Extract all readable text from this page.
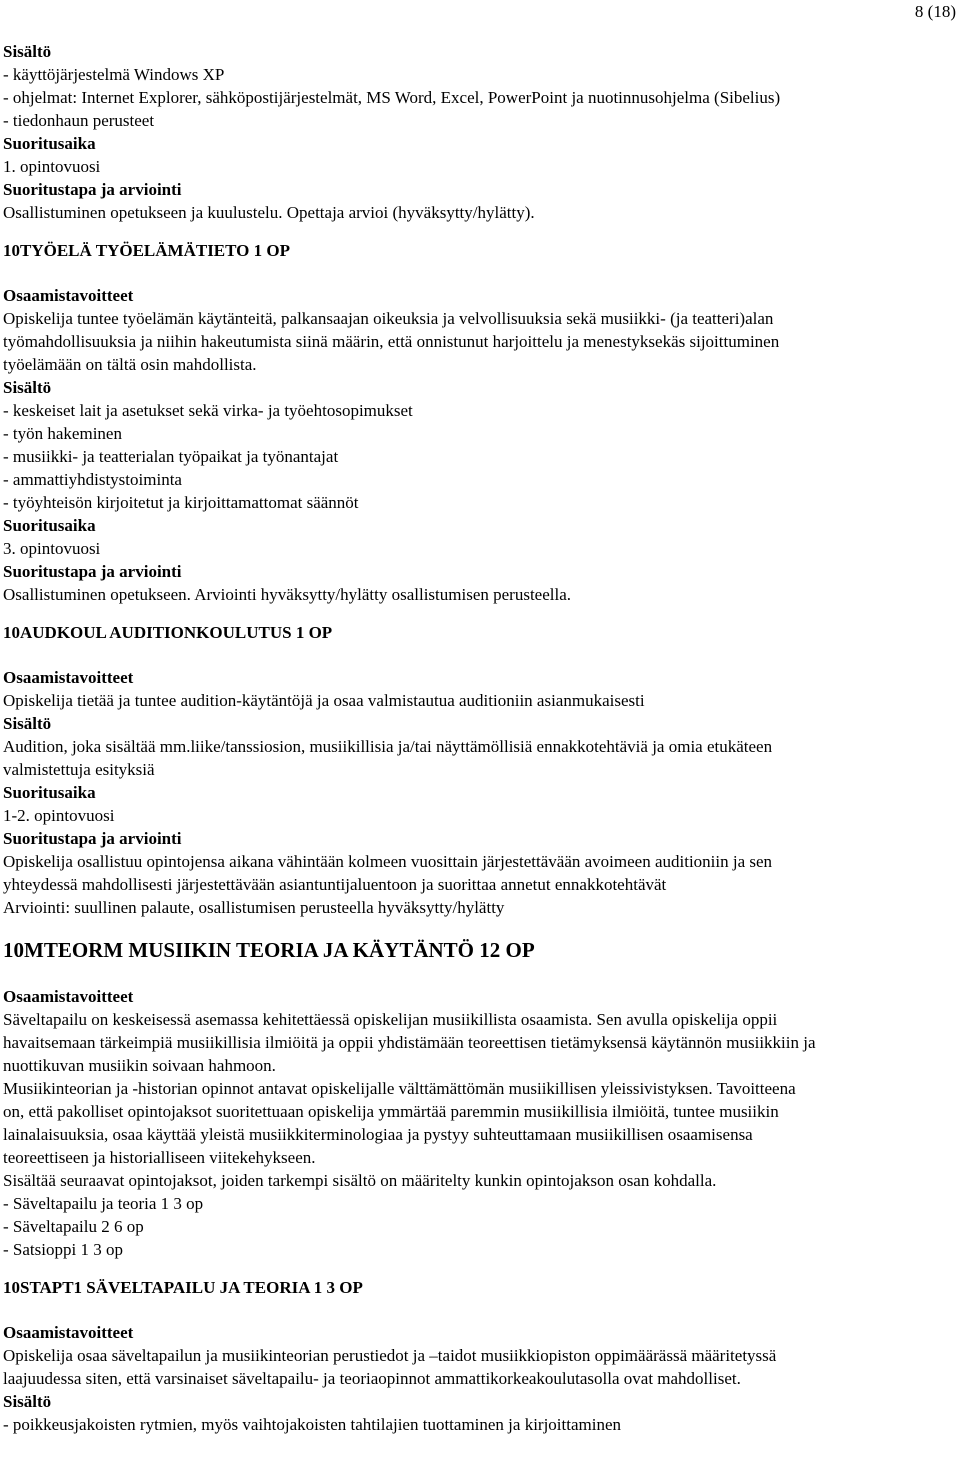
8 (18)
Sisältö
- käyttöjärjestelmä Windows XP
- ohjelmat: Internet Explorer, sähköpostijärjestelmät, MS Word, Excel, PowerPoint ja nuotinnusohjelma (Sibelius)
- tiedonhaun perusteet
Suoritusaika
1. opintovuosi
Suoritustapa ja arviointi
Osallistuminen opetukseen ja kuulustelu. Opettaja arvioi (hyväksytty/hylätty).
10TYÖELÄ TYÖELÄMÄTIETO 1 OP
Osaamistavoitteet
Opiskelija tuntee työelämän käytänteitä, palkansaajan oikeuksia ja velvollisuuksia sekä musiikki- (ja teatteri)alan
työmahdollisuuksia ja niihin hakeutumista siinä määrin, että onnistunut harjoittelu ja menestyksekäs sijoittuminen
työelämään on tältä osin mahdollista.
Sisältö
- keskeiset lait ja asetukset sekä virka- ja työehtosopimukset
- työn hakeminen
- musiikki- ja teatterialan työpaikat ja työnantajat
- ammattiyhdistystoiminta
- työyhteisön kirjoitetut ja kirjoittamattomat säännöt
Suoritusaika
3. opintovuosi
Suoritustapa ja arviointi
Osallistuminen opetukseen. Arviointi hyväksytty/hylätty osallistumisen perusteella.
10AUDKOUL AUDITIONKOULUTUS 1 OP
Osaamistavoitteet
Opiskelija tietää ja tuntee audition-käytäntöjä ja osaa valmistautua auditioniin asianmukaisesti
Sisältö
Audition, joka sisältää mm.liike/tanssiosion, musiikillisia ja/tai näyttämöllisiä ennakkotehtäviä ja omia etukäteen
valmistettuja esityksiä
Suoritusaika
1-2. opintovuosi
Suoritustapa ja arviointi
Opiskelija osallistuu opintojensa aikana vähintään kolmeen vuosittain järjestettävään avoimeen auditioniin ja sen
yhteydessä mahdollisesti järjestettävään asiantuntijaluentoon ja suorittaa annetut ennakkotehtävät
Arviointi: suullinen palaute, osallistumisen perusteella hyväksytty/hylätty
10MTEORM MUSIIKIN TEORIA JA KÄYTÄNTÖ 12 OP
Osaamistavoitteet
Säveltapailu on keskeisessä asemassa kehitettäessä opiskelijan musiikillista osaamista. Sen avulla opiskelija oppii
havaitsemaan tärkeimpiä musiikillisia ilmiöitä ja oppii yhdistämään teoreettisen tietämyksensä käytännön musiikkiin ja
nuottikuvan musiikin soivaan hahmoon.
Musiikinteorian ja -historian opinnot antavat opiskelijalle välttämättömän musiikillisen yleissivistyksen. Tavoitteena
on, että pakolliset opintojaksot suoritettuaan opiskelija ymmärtää paremmin musiikillisia ilmiöitä, tuntee musiikin
lainalaisuuksia, osaa käyttää yleistä musiikkiterminologiaa ja pystyy suhteuttamaan musiikillisen osaamisensa
teoreettiseen ja historialliseen viitekehykseen.
Sisältää seuraavat opintojaksot, joiden tarkempi sisältö on määritelty kunkin opintojakson osan kohdalla.
- Säveltapailu ja teoria 1 3 op
- Säveltapailu 2 6 op
- Satsioppi 1 3 op
10STAPT1 SÄVELTAPAILU JA TEORIA 1 3 OP
Osaamistavoitteet
Opiskelija osaa säveltapailun ja musiikinteorian perustiedot ja –taidot musiikkiopiston oppimäärässä määritetyssä
laajuudessa siten, että varsinaiset säveltapailu- ja teoriaopinnot ammattikorkeakoulutasolla ovat mahdolliset.
Sisältö
- poikkeusjakoisten rytmien, myös vaihtojakoisten tahtilajien tuottaminen ja kirjoittaminen
